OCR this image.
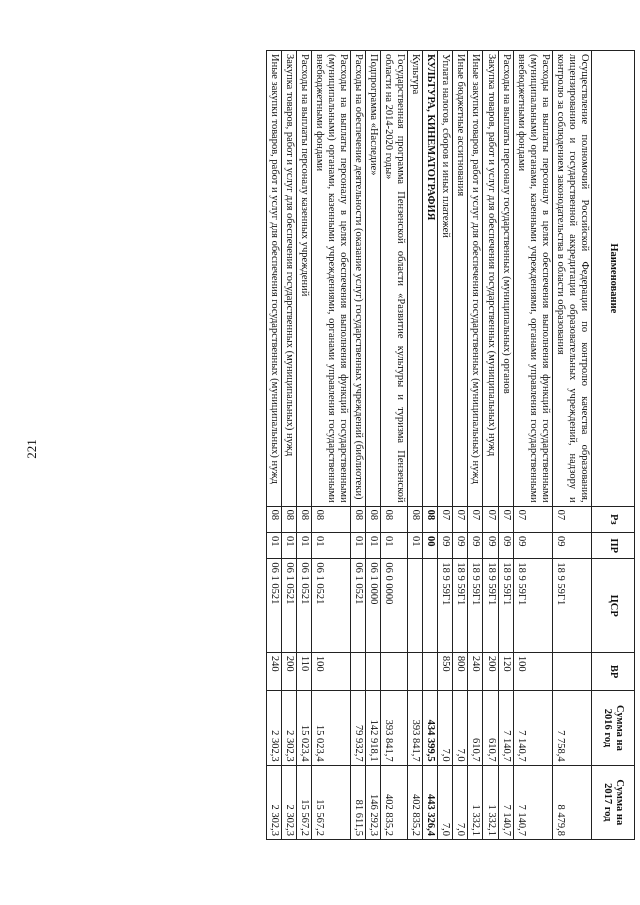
221
Наименование	Рз	ПР	ЦСР	ВР	Сумма на 2016 год	Сумма на 2017 год
Осуществление полномочий Российской Федерации по контролю качества образования, лицензированию и государственной аккредитации образовательных учреждений, надзору и контролю за соблюдением законодательства в области образования	07	09	18 9 59Г1		7 758,4	8 479,8
Расходы на выплаты персоналу в целях обеспечения выполнения функций государственными (муниципальными) органами, казенными учреждениями, органами управления государственными внебюджетными фондами	07	09	18 9 59Г1	100	7 140,7	7 140,7
Расходы на выплаты персоналу государственных (муниципальных) органов	07	09	18 9 59Г1	120	7 140,7	7 140,7
Закупка товаров, работ и услуг для обеспечения государственных (муниципальных) нужд	07	09	18 9 59Г1	200	610,7	1 332,1
Иные закупки товаров, работ и услуг для обеспечения государственных (муниципальных) нужд	07	09	18 9 59Г1	240	610,7	1 332,1
Иные бюджетные ассигнования	07	09	18 9 59Г1	800	7,0	7,0
Уплата налогов, сборов и иных платежей	07	09	18 9 59Г1	850	7,0	7,0
КУЛЬТУРА, КИНЕМАТОГРАФИЯ	08	00			434 399,5	443 326,4
Культура	08	01			393 841,7	402 835,2
Государственная программа Пензенской области «Развитие культуры и туризма Пензенской области на 2014-2020 годы»	08	01	06 0 0000		393 841,7	402 835,2
Подпрограмма «Наследие»	08	01	06 1 0000		142 918,1	146 292,3
Расходы на обеспечение деятельности (оказание услуг) государственных учреждений (библиотеки)	08	01	06 1 0521		79 932,7	81 611,5
Расходы на выплаты персоналу в целях обеспечения выполнения функций государственными (муниципальными) органами, казенными учреждениями, органами управления государственными внебюджетными фондами	08	01	06 1 0521	100	15 023,4	15 567,2
Расходы на выплаты персоналу казенных учреждений	08	01	06 1 0521	110	15 023,4	15 567,2
Закупка товаров, работ и услуг для обеспечения государственных (муниципальных) нужд	08	01	06 1 0521	200	2 302,3	2 302,3
Иные закупки товаров, работ и услуг для обеспечения государственных (муниципальных) нужд	08	01	06 1 0521	240	2 302,3	2 302,3
